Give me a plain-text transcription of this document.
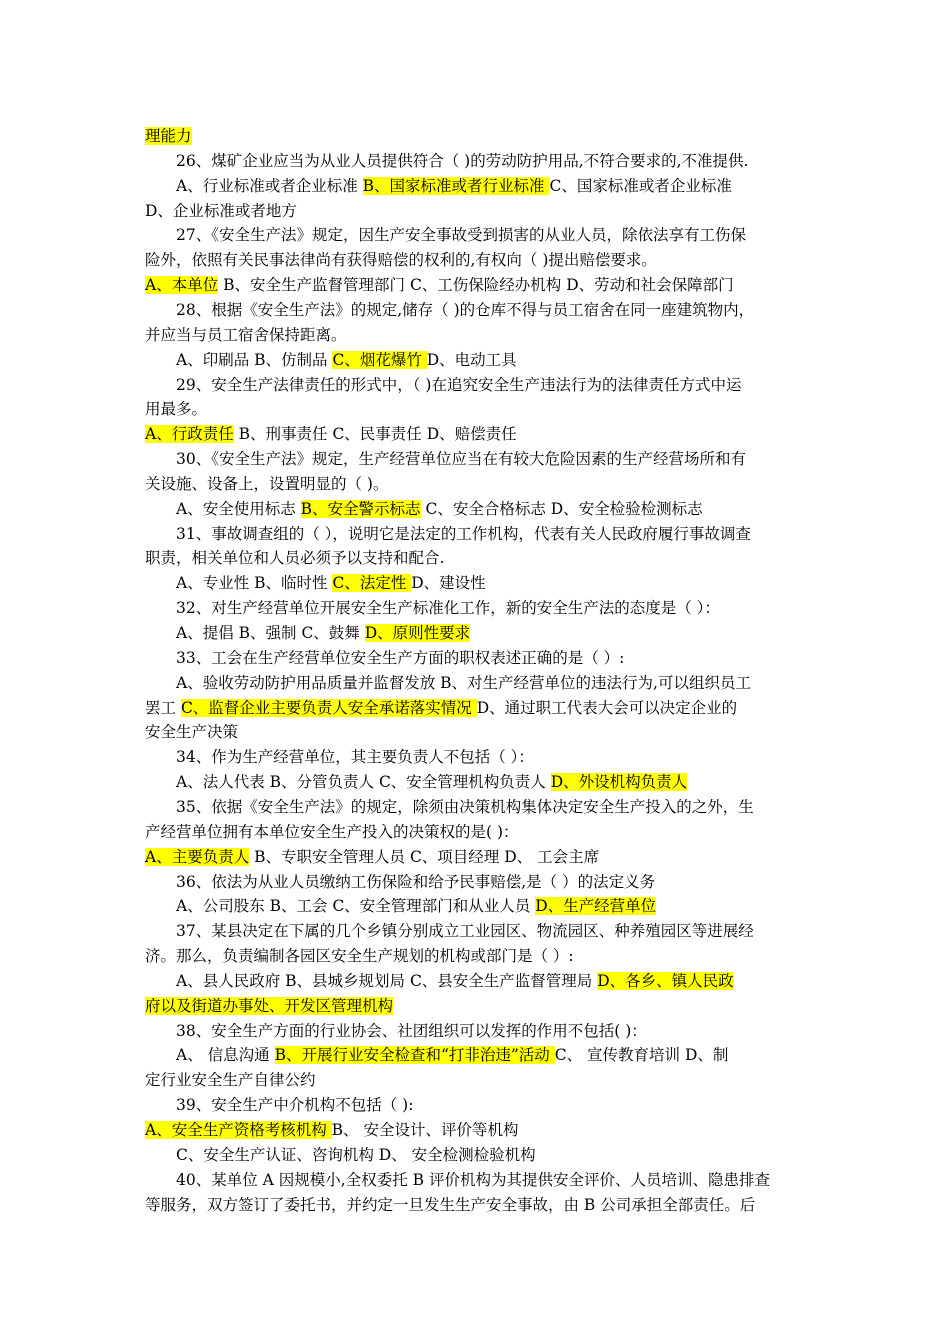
理能力
26、煤矿企业应当为从业人员提供符合（ )的劳动防护用品,不符合要求的,不准提供.
A、行业标准或者企业标准 B、国家标准或者行业标准 C、国家标准或者企业标准
D、企业标准或者地方
27、《安全生产法》规定，因生产安全事故受到损害的从业人员，除依法享有工伤保
险外，依照有关民事法律尚有获得赔偿的权利的,有权向（ )提出赔偿要求。
A、本单位 B、安全生产监督管理部门 C、工伤保险经办机构 D、劳动和社会保障部门
28、根据《安全生产法》的规定,储存（ )的仓库不得与员工宿舍在同一座建筑物内，
并应当与员工宿舍保持距离。
A、印刷品 B、仿制品 C、烟花爆竹 D、电动工具
29、安全生产法律责任的形式中，（ )在追究安全生产违法行为的法律责任方式中运
用最多。
A、行政责任 B、刑事责任 C、民事责任 D、赔偿责任
30、《安全生产法》规定，生产经营单位应当在有较大危险因素的生产经营场所和有
关设施、设备上，设置明显的（ )。
A、安全使用标志 B、安全警示标志 C、安全合格标志 D、安全检验检测标志
31、事故调查组的（ ），说明它是法定的工作机构，代表有关人民政府履行事故调查
职责，相关单位和人员必须予以支持和配合.
A、专业性 B、临时性 C、法定性 D、建设性
32、对生产经营单位开展安全生产标准化工作，新的安全生产法的态度是（ ）：
A、提倡 B、强制 C、鼓舞 D、原则性要求
33、工会在生产经营单位安全生产方面的职权表述正确的是（ ）:
A、验收劳动防护用品质量并监督发放 B、对生产经营单位的违法行为,可以组织员工
罢工 C、监督企业主要负责人安全承诺落实情况 D、通过职工代表大会可以决定企业的
安全生产决策
34、作为生产经营单位，其主要负责人不包括（ ）：
A、法人代表 B、分管负责人 C、安全管理机构负责人 D、外设机构负责人
35、依据《安全生产法》的规定，除须由决策机构集体决定安全生产投入的之外，生
产经营单位拥有本单位安全生产投入的决策权的是( )：
A、主要负责人 B、专职安全管理人员 C、项目经理 D、 工会主席
36、依法为从业人员缴纳工伤保险和给予民事赔偿,是（ ）的法定义务
A、公司股东 B、工会 C、安全管理部门和从业人员 D、生产经营单位
37、某县决定在下属的几个乡镇分别成立工业园区、物流园区、种养殖园区等进展经
济。那么，负责编制各园区安全生产规划的机构或部门是（ ）:
A、县人民政府 B、县城乡规划局 C、县安全生产监督管理局 D、各乡、镇人民政
府以及街道办事处、开发区管理机构
38、安全生产方面的行业协会、社团组织可以发挥的作用不包括( )：
A、 信息沟通 B、开展行业安全检查和“打非治违”活动 C、 宣传教育培训 D、制
定行业安全生产自律公约
39、安全生产中介机构不包括（ ):
A、安全生产资格考核机构 B、 安全设计、评价等机构
C、安全生产认证、咨询机构 D、 安全检测检验机构
40、某单位 A 因规模小,全权委托 B 评价机构为其提供安全评价、人员培训、隐患排查
等服务，双方签订了委托书，并约定一旦发生生产安全事故，由 B 公司承担全部责任。后
